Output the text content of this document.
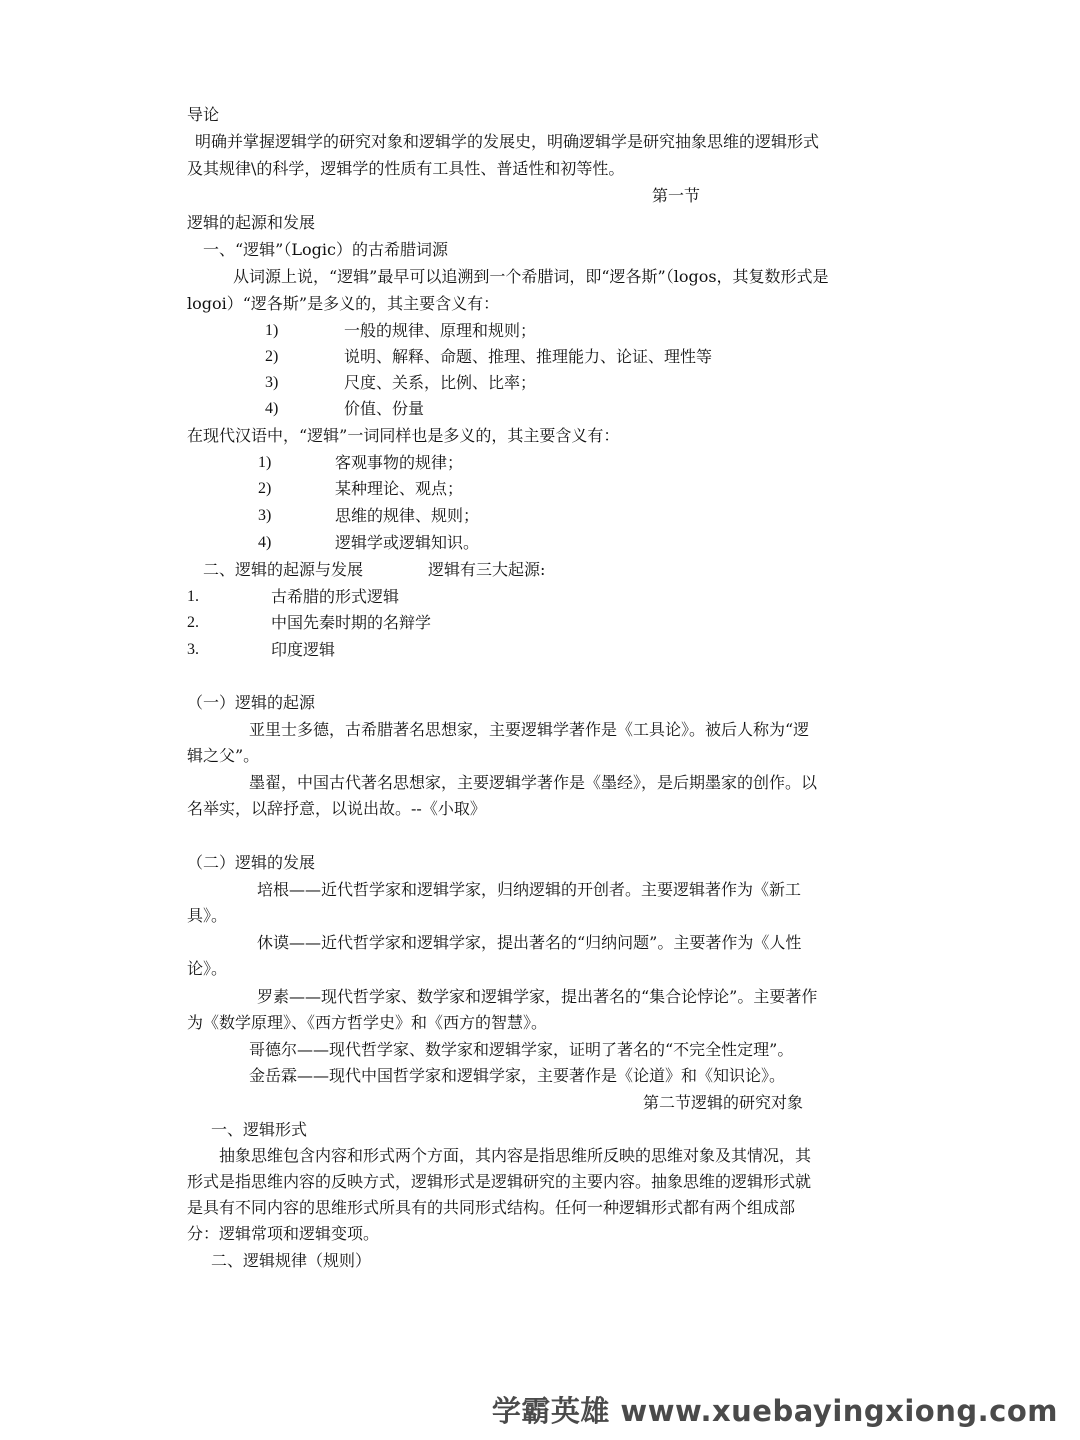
导论
明确并掌握逻辑学的研究对象和逻辑学的发展史，明确逻辑学是研究抽象思维的逻辑形式
及其规律\的科学，逻辑学的性质有工具性、普适性和初等性。
第一节
逻辑的起源和发展
一、“逻辑”（Logic）的古希腊词源
从词源上说，“逻辑”最早可以追溯到一个希腊词，即“逻各斯”（logos，其复数形式是
logoi）“逻各斯”是多义的，其主要含义有：
1)	一般的规律、原理和规则；
2)	说明、解释、命题、推理、推理能力、论证、理性等
3)	尺度、关系，比例、比率；
4)	价值、份量
在现代汉语中，“逻辑”一词同样也是多义的，其主要含义有：
1)	客观事物的规律；
2)	某种理论、观点；
3)	思维的规律、规则；
4)	逻辑学或逻辑知识。
二、逻辑的起源与发展	逻辑有三大起源:
1.	古希腊的形式逻辑
2.	中国先秦时期的名辩学
3.	印度逻辑
（一）逻辑的起源
亚里士多德，古希腊著名思想家，主要逻辑学著作是《工具论》。被后人称为“逻
辑之父”。
墨翟，中国古代著名思想家，主要逻辑学著作是《墨经》，是后期墨家的创作。以
名举实，以辞抒意，以说出故。--《小取》
（二）逻辑的发展
培根——近代哲学家和逻辑学家，归纳逻辑的开创者。主要逻辑著作为《新工
具》。
休谟——近代哲学家和逻辑学家，提出著名的“归纳问题”。主要著作为《人性
论》。
罗素——现代哲学家、数学家和逻辑学家，提出著名的“集合论悖论”。主要著作
为《数学原理》、《西方哲学史》和《西方的智慧》。
哥德尔——现代哲学家、数学家和逻辑学家，证明了著名的“不完全性定理”。
金岳霖——现代中国哲学家和逻辑学家，主要著作是《论道》和《知识论》。
第二节逻辑的研究对象
一、逻辑形式
抽象思维包含内容和形式两个方面，其内容是指思维所反映的思维对象及其情况，其
形式是指思维内容的反映方式，逻辑形式是逻辑研究的主要内容。抽象思维的逻辑形式就
是具有不同内容的思维形式所具有的共同形式结构。任何一种逻辑形式都有两个组成部
分：逻辑常项和逻辑变项。
二、逻辑规律（规则）
学霸英雄 www.xuebayingxiong.com
